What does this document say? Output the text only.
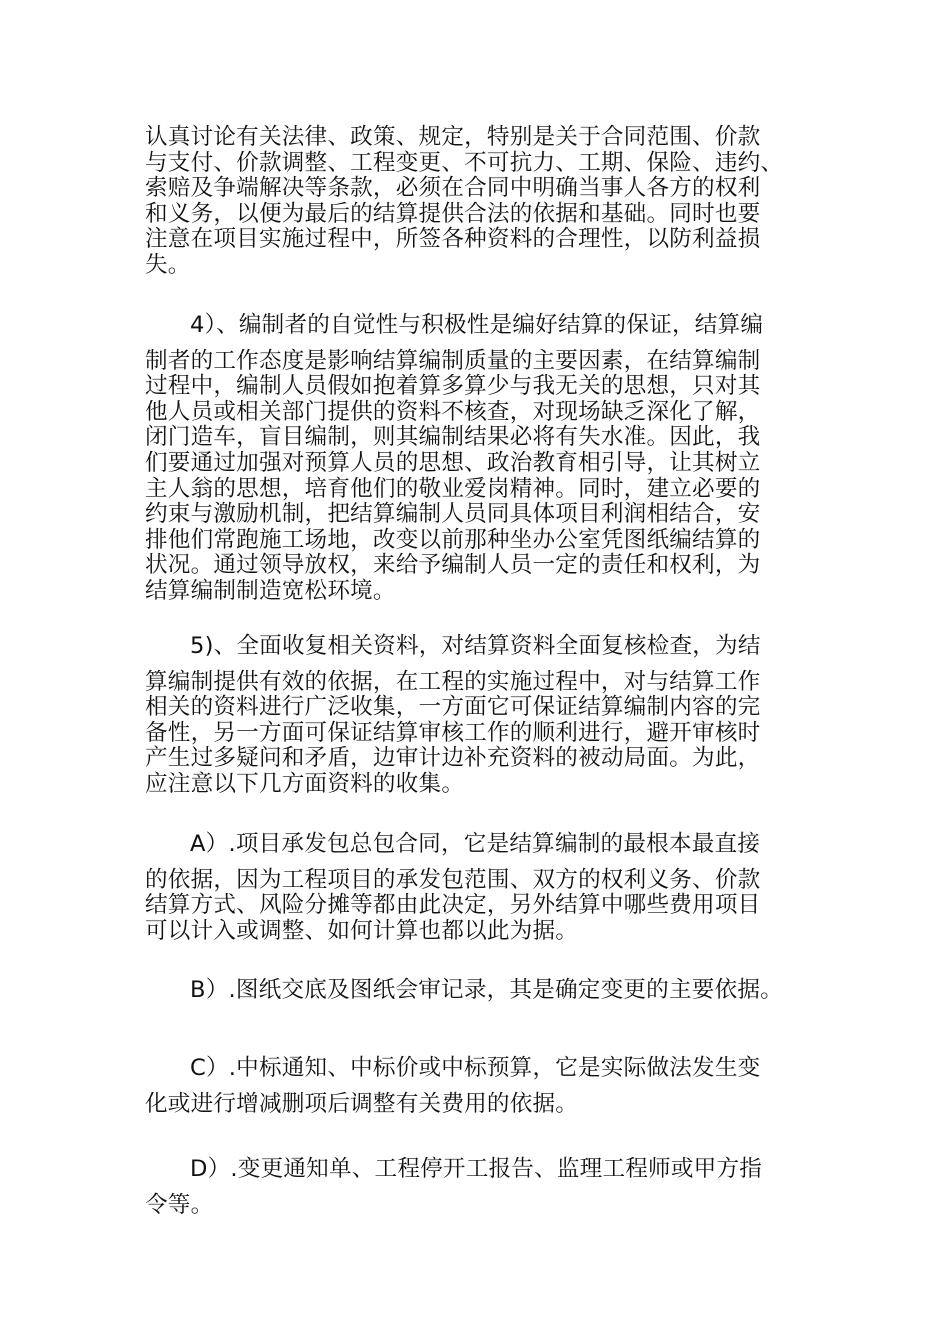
认真讨论有关法律、政策、规定，特别是关于合同范围、价款
与支付、价款调整、工程变更、不可抗力、工期、保险、违约、
索赔及争端解决等条款，必须在合同中明确当事人各方的权利
和义务，以便为最后的结算提供合法的依据和基础。同时也要
注意在项目实施过程中，所签各种资料的合理性，以防利益损
失。
4）、编制者的自觉性与积极性是编好结算的保证，结算编
制者的工作态度是影响结算编制质量的主要因素，在结算编制
过程中，编制人员假如抱着算多算少与我无关的思想，只对其
他人员或相关部门提供的资料不核查，对现场缺乏深化了解，
闭门造车，盲目编制，则其编制结果必将有失水准。因此，我
们要通过加强对预算人员的思想、政治教育相引导，让其树立
主人翁的思想，培育他们的敬业爱岗精神。同时，建立必要的
约束与激励机制，把结算编制人员同具体项目利润相结合，安
排他们常跑施工场地，改变以前那种坐办公室凭图纸编结算的
状况。通过领导放权，来给予编制人员一定的责任和权利，为
结算编制制造宽松环境。
5)、全面收复相关资料，对结算资料全面复核检查，为结
算编制提供有效的依据，在工程的实施过程中，对与结算工作
相关的资料进行广泛收集，一方面它可保证结算编制内容的完
备性，另一方面可保证结算审核工作的顺利进行，避开审核时
产生过多疑问和矛盾，边审计边补充资料的被动局面。为此，
应注意以下几方面资料的收集。
A）.项目承发包总包合同，它是结算编制的最根本最直接
的依据，因为工程项目的承发包范围、双方的权利义务、价款
结算方式、风险分摊等都由此决定，另外结算中哪些费用项目
可以计入或调整、如何计算也都以此为据。
B）.图纸交底及图纸会审记录，其是确定变更的主要依据。
C）.中标通知、中标价或中标预算，它是实际做法发生变
化或进行增减删项后调整有关费用的依据。
D）.变更通知单、工程停开工报告、监理工程师或甲方指
令等。
